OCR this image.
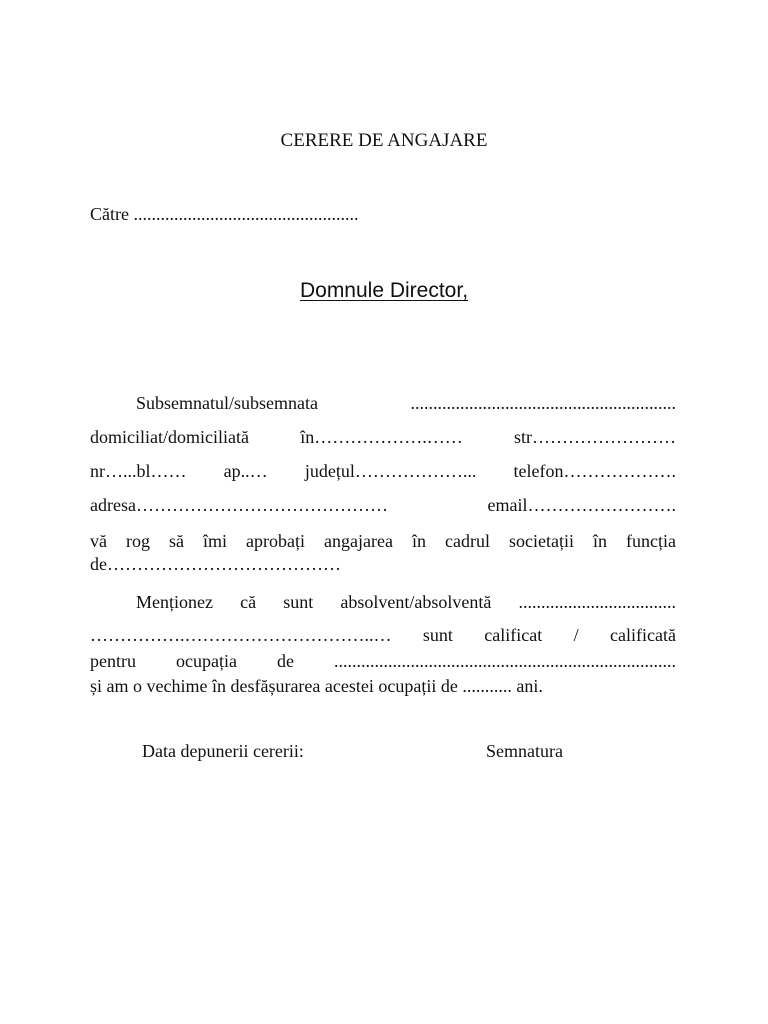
CERERE DE ANGAJARE
Către ..................................................
Domnule Director,
Subsemnatul/subsemnata ...........................................................
domiciliat/domiciliată în……………….…… str……………………
nr…...bl…… ap..… județul………………... telefon……………….
adresa…………………………………… email…………………….
vă rog să îmi aprobați angajarea în cadrul societații în funcția
de…………………………………
Menționez că sunt absolvent/absolventă ...................................
…………….…………………………..… sunt calificat / calificată
pentru ocupația de ............................................................................
și am o vechime în desfășurarea acestei ocupații de ........... ani.
Data depunerii cererii:	Semnatura
